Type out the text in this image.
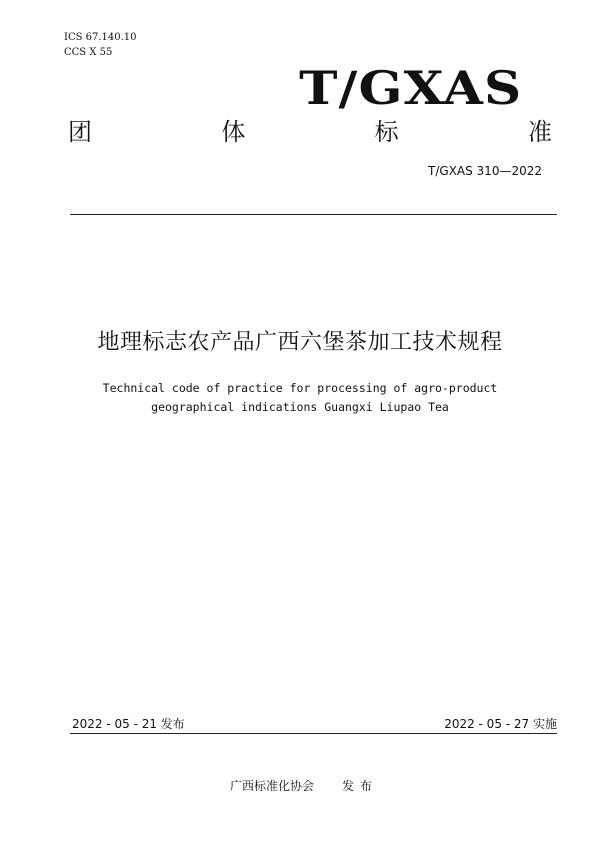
ICS 67.140.10
CCS X 55
T/GXAS
团	体	标	准
T/GXAS 310—2022
地理标志农产品广西六堡茶加工技术规程
Technical code of practice for processing of agro-product
geographical indications Guangxi Liupao Tea
2022 - 05 - 21 发布	2022 - 05 - 27 实施
广西标准化协会 发布
